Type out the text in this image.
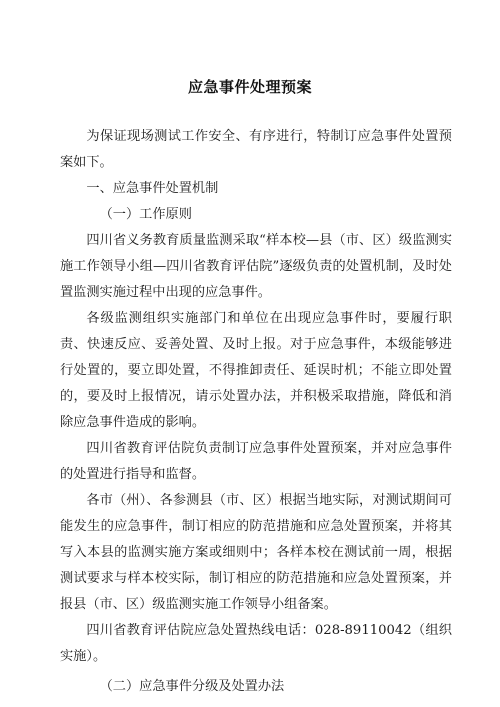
应急事件处理预案

为保证现场测试工作安全、有序进行，特制订应急事件处置预案如下。

一、应急事件处置机制

（一）工作原则

四川省义务教育质量监测采取“样本校—县（市、区）级监测实施工作领导小组—四川省教育评估院”逐级负责的处置机制，及时处置监测实施过程中出现的应急事件。

各级监测组织实施部门和单位在出现应急事件时，要履行职责、快速反应、妥善处置、及时上报。对于应急事件，本级能够进行处置的，要立即处置，不得推卸责任、延误时机；不能立即处置的，要及时上报情况，请示处置办法，并积极采取措施，降低和消除应急事件造成的影响。

四川省教育评估院负责制订应急事件处置预案，并对应急事件的处置进行指导和监督。

各市（州）、各参测县（市、区）根据当地实际，对测试期间可能发生的应急事件，制订相应的防范措施和应急处置预案，并将其写入本县的监测实施方案或细则中；各样本校在测试前一周，根据测试要求与样本校实际，制订相应的防范措施和应急处置预案，并报县（市、区）级监测实施工作领导小组备案。

四川省教育评估院应急处置热线电话：028-89110042（组织实施）。

（二）应急事件分级及处置办法
